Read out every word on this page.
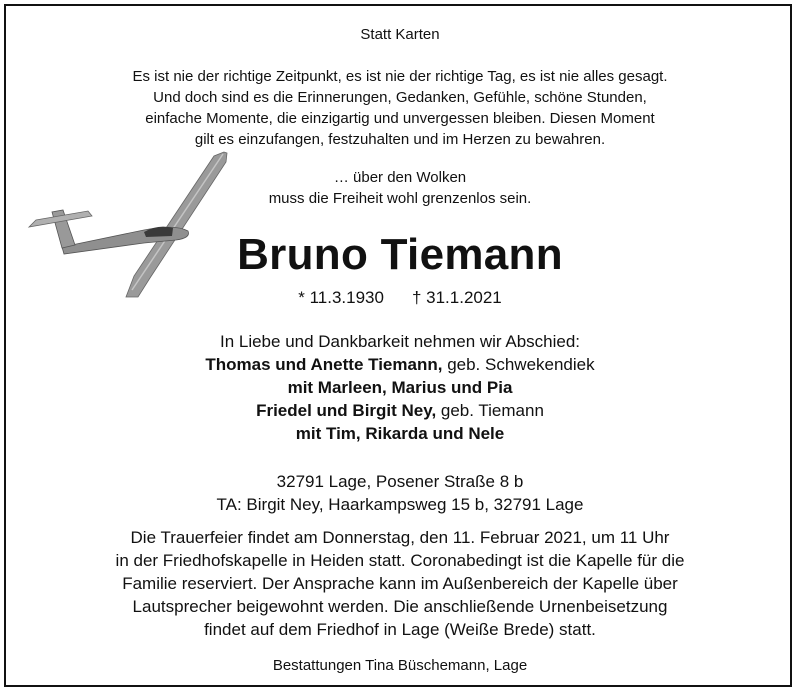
Statt Karten

Es ist nie der richtige Zeitpunkt, es ist nie der richtige Tag, es ist nie alles gesagt.

Und doch sind es die Erinnerungen, Gedanken, Gefühle, schöne Stunden,

einfache Momente, die einzigartig und unvergessen bleiben. Diesen Moment

gilt es einzufangen, festzuhalten und im Herzen zu bewahren.

… über den Wolken

muss die Freiheit wohl grenzenlos sein.

Bruno Tiemann

* 11.3.1930 † 31.1.2021

In Liebe und Dankbarkeit nehmen wir Abschied:

Thomas und Anette Tiemann, geb. Schwekendiek
mit Marleen, Marius und Pia
Friedel und Birgit Ney, geb. Tiemann
mit Tim, Rikarda und Nele

32791 Lage, Posener Straße 8 b

TA: Birgit Ney, Haarkampsweg 15 b, 32791 Lage

Die Trauerfeier findet am Donnerstag, den 11. Februar 2021, um 11 Uhr

in der Friedhofskapelle in Heiden statt. Coronabedingt ist die Kapelle für die

Familie reserviert. Der Ansprache kann im Außenbereich der Kapelle über

Lautsprecher beigewohnt werden. Die anschließende Urnenbeisetzung

findet auf dem Friedhof in Lage (Weiße Brede) statt.

Bestattungen Tina Büschemann, Lage
